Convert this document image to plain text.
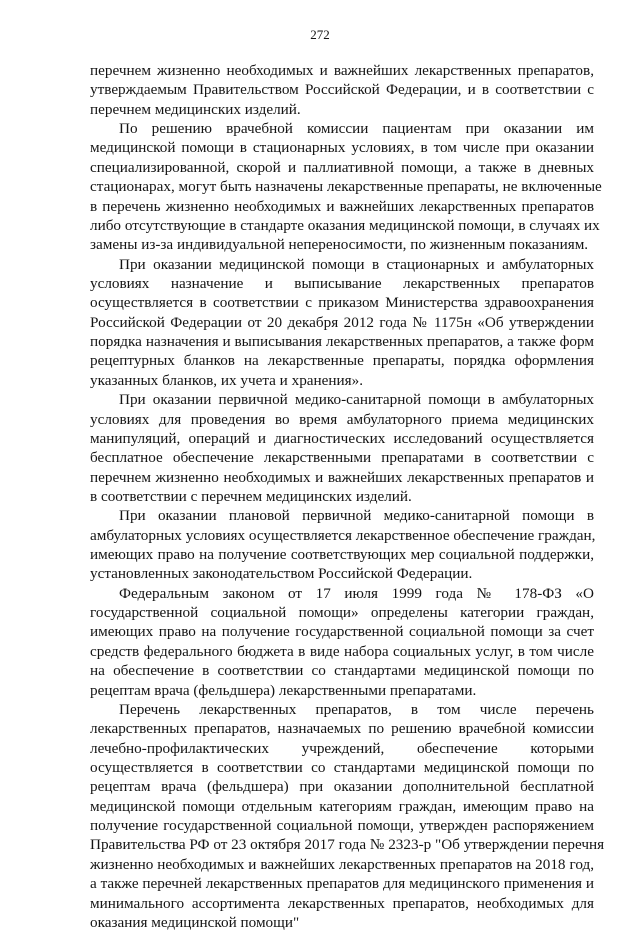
272
перечнем жизненно необходимых и важнейших лекарственных препаратов,
утверждаемым Правительством Российской Федерации, и в соответствии с
перечнем медицинских изделий.
По решению врачебной комиссии пациентам при оказании им
медицинской помощи в стационарных условиях, в том числе при оказании
специализированной, скорой и паллиативной помощи, а также в дневных
стационарах, могут быть назначены лекарственные препараты, не включенные
в перечень жизненно необходимых и важнейших лекарственных препаратов
либо отсутствующие в стандарте оказания медицинской помощи, в случаях их
замены из-за индивидуальной непереносимости, по жизненным показаниям.
При оказании медицинской помощи в стационарных и амбулаторных
условиях назначение и выписывание лекарственных препаратов
осуществляется в соответствии с приказом Министерства здравоохранения
Российской Федерации от 20 декабря 2012 года № 1175н «Об утверждении
порядка назначения и выписывания лекарственных препаратов, а также форм
рецептурных бланков на лекарственные препараты, порядка оформления
указанных бланков, их учета и хранения».
При оказании первичной медико-санитарной помощи в амбулаторных
условиях для проведения во время амбулаторного приема медицинских
манипуляций, операций и диагностических исследований осуществляется
бесплатное обеспечение лекарственными препаратами в соответствии с
перечнем жизненно необходимых и важнейших лекарственных препаратов и
в соответствии с перечнем медицинских изделий.
При оказании плановой первичной медико-санитарной помощи в
амбулаторных условиях осуществляется лекарственное обеспечение граждан,
имеющих право на получение соответствующих мер социальной поддержки,
установленных законодательством Российской Федерации.
Федеральным законом от 17 июля 1999 года № 178-ФЗ «О
государственной социальной помощи» определены категории граждан,
имеющих право на получение государственной социальной помощи за счет
средств федерального бюджета в виде набора социальных услуг, в том числе
на обеспечение в соответствии со стандартами медицинской помощи по
рецептам врача (фельдшера) лекарственными препаратами.
Перечень лекарственных препаратов, в том числе перечень
лекарственных препаратов, назначаемых по решению врачебной комиссии
лечебно-профилактических учреждений, обеспечение которыми
осуществляется в соответствии со стандартами медицинской помощи по
рецептам врача (фельдшера) при оказании дополнительной бесплатной
медицинской помощи отдельным категориям граждан, имеющим право на
получение государственной социальной помощи, утвержден распоряжением
Правительства РФ от 23 октября 2017 года № 2323-р "Об утверждении перечня
жизненно необходимых и важнейших лекарственных препаратов на 2018 год,
а также перечней лекарственных препаратов для медицинского применения и
минимального ассортимента лекарственных препаратов, необходимых для
оказания медицинской помощи"
